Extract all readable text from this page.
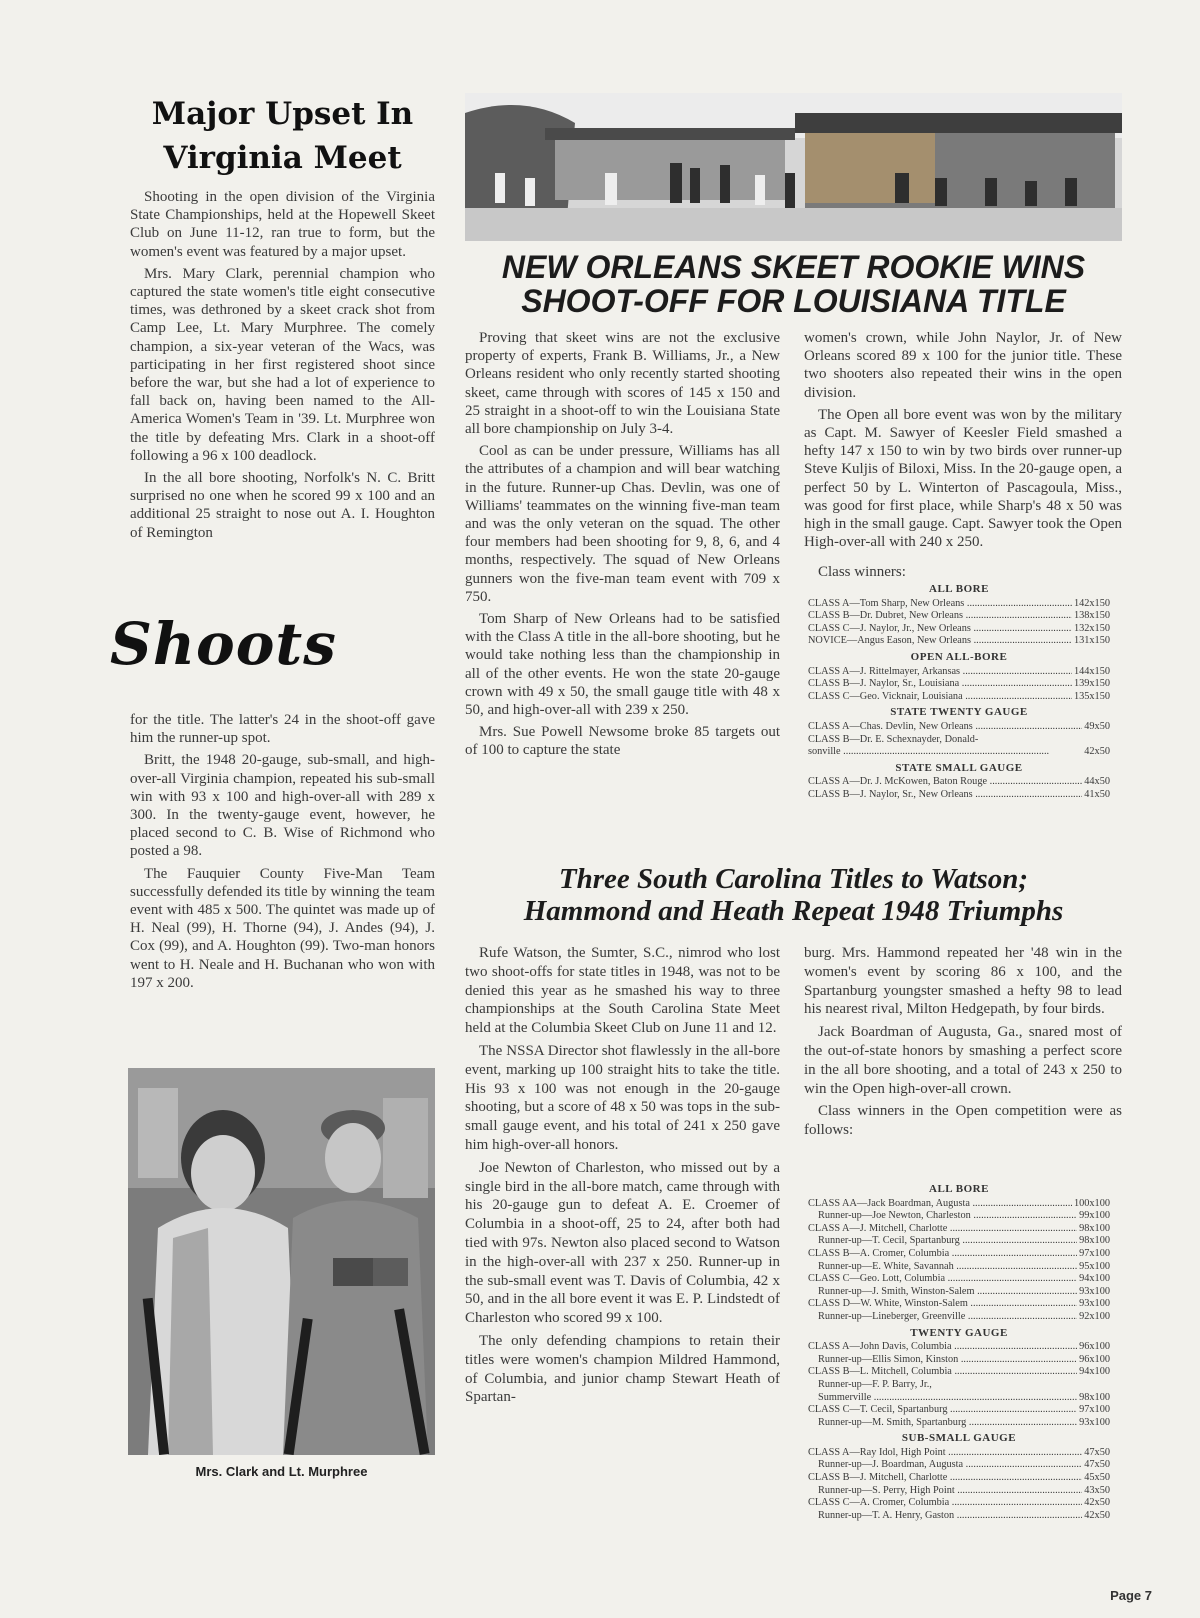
Major Upset In
Virginia Meet

Shooting in the open division of the Virginia State Championships, held at the Hopewell Skeet Club on June 11-12, ran true to form, but the women's event was featured by a major upset.

Mrs. Mary Clark, perennial champion who captured the state women's title eight consecutive times, was dethroned by a skeet crack shot from Camp Lee, Lt. Mary Murphree. The comely champion, a six-year veteran of the Wacs, was participating in her first registered shoot since before the war, but she had a lot of experience to fall back on, having been named to the All-America Women's Team in '39. Lt. Murphree won the title by defeating Mrs. Clark in a shoot-off following a 96 x 100 deadlock.

In the all bore shooting, Norfolk's N. C. Britt surprised no one when he scored 99 x 100 and an additional 25 straight to nose out A. I. Houghton of Remington

Shoots

for the title. The latter's 24 in the shoot-off gave him the runner-up spot.

Britt, the 1948 20-gauge, sub-small, and high-over-all Virginia champion, repeated his sub-small win with 93 x 100 and high-over-all with 289 x 300. In the twenty-gauge event, however, he placed second to C. B. Wise of Richmond who posted a 98.

The Fauquier County Five-Man Team successfully defended its title by winning the team event with 485 x 500. The quintet was made up of H. Neal (99), H. Thorne (94), J. Andes (94), J. Cox (99), and A. Houghton (99). Two-man honors went to H. Neale and H. Buchanan who won with 197 x 200.

Mrs. Clark and Lt. Murphree
NEW ORLEANS SKEET ROOKIE WINS
SHOOT-OFF FOR LOUISIANA TITLE

Proving that skeet wins are not the exclusive property of experts, Frank B. Williams, Jr., a New Orleans resident who only recently started shooting skeet, came through with scores of 145 x 150 and 25 straight in a shoot-off to win the Louisiana State all bore championship on July 3-4.

Cool as can be under pressure, Williams has all the attributes of a champion and will bear watching in the future. Runner-up Chas. Devlin, was one of Williams' teammates on the winning five-man team and was the only veteran on the squad. The other four members had been shooting for 9, 8, 6, and 4 months, respectively. The squad of New Orleans gunners won the five-man team event with 709 x 750.

Tom Sharp of New Orleans had to be satisfied with the Class A title in the all-bore shooting, but he would take nothing less than the championship in all of the other events. He won the state 20-gauge crown with 49 x 50, the small gauge title with 48 x 50, and high-over-all with 239 x 250.

Mrs. Sue Powell Newsome broke 85 targets out of 100 to capture the state

women's crown, while John Naylor, Jr. of New Orleans scored 89 x 100 for the junior title. These two shooters also repeated their wins in the open division.

The Open all bore event was won by the military as Capt. M. Sawyer of Keesler Field smashed a hefty 147 x 150 to win by two birds over runner-up Steve Kuljis of Biloxi, Miss. In the 20-gauge open, a perfect 50 by L. Winterton of Pascagoula, Miss., was good for first place, while Sharp's 48 x 50 was high in the small gauge. Capt. Sawyer took the Open High-over-all with 240 x 250.

Class winners:
ALL BORE
CLASS A—Tom Sharp, New Orleans .....	142x150
CLASS B—Dr. Dubret, New Orleans .....	138x150
CLASS C—J. Naylor, Jr., New Orleans .....	132x150
NOVICE—Angus Eason, New Orleans .....	131x150
OPEN ALL-BORE
CLASS A—J. Rittelmayer, Arkansas .....	144x150
CLASS B—J. Naylor, Sr., Louisiana .....	139x150
CLASS C—Geo. Vicknair, Louisiana .....	135x150
STATE TWENTY GAUGE
CLASS A—Chas. Devlin, New Orleans .....	49x50
CLASS B—Dr. E. Schexnayder, Donald-
sonville .....	42x50
STATE SMALL GAUGE
CLASS A—Dr. J. McKowen, Baton Rouge .....	44x50
CLASS B—J. Naylor, Sr., New Orleans .....	41x50
Three South Carolina Titles to Watson;
Hammond and Heath Repeat 1948 Triumphs

Rufe Watson, the Sumter, S.C., nimrod who lost two shoot-offs for state titles in 1948, was not to be denied this year as he smashed his way to three championships at the South Carolina State Meet held at the Columbia Skeet Club on June 11 and 12.

The NSSA Director shot flawlessly in the all-bore event, marking up 100 straight hits to take the title. His 93 x 100 was not enough in the 20-gauge shooting, but a score of 48 x 50 was tops in the sub-small gauge event, and his total of 241 x 250 gave him high-over-all honors.

Joe Newton of Charleston, who missed out by a single bird in the all-bore match, came through with his 20-gauge gun to defeat A. E. Croemer of Columbia in a shoot-off, 25 to 24, after both had tied with 97s. Newton also placed second to Watson in the high-over-all with 237 x 250. Runner-up in the sub-small event was T. Davis of Columbia, 42 x 50, and in the all bore event it was E. P. Lindstedt of Charleston who scored 99 x 100.

The only defending champions to retain their titles were women's champion Mildred Hammond, of Columbia, and junior champ Stewart Heath of Spartan-

burg. Mrs. Hammond repeated her '48 win in the women's event by scoring 86 x 100, and the Spartanburg youngster smashed a hefty 98 to lead his nearest rival, Milton Hedgepath, by four birds.

Jack Boardman of Augusta, Ga., snared most of the out-of-state honors by smashing a perfect score in the all bore shooting, and a total of 243 x 250 to win the Open high-over-all crown.

Class winners in the Open competition were as follows:

ALL BORE
CLASS AA—Jack Boardman, Augusta .....	100x100
Runner-up—Joe Newton, Charleston .....	99x100
CLASS A—J. Mitchell, Charlotte .....	98x100
Runner-up—T. Cecil, Spartanburg .....	98x100
CLASS B—A. Cromer, Columbia .....	97x100
Runner-up—E. White, Savannah .....	95x100
CLASS C—Geo. Lott, Columbia .....	94x100
Runner-up—J. Smith, Winston-Salem .....	93x100
CLASS D—W. White, Winston-Salem .....	93x100
Runner-up—Lineberger, Greenville .....	92x100
TWENTY GAUGE
CLASS A—John Davis, Columbia .....	96x100
Runner-up—Ellis Simon, Kinston .....	96x100
CLASS B—L. Mitchell, Columbia .....	94x100
Runner-up—F. P. Barry, Jr.,
Summerville .....	98x100
CLASS C—T. Cecil, Spartanburg .....	97x100
Runner-up—M. Smith, Spartanburg .....	93x100
SUB-SMALL GAUGE
CLASS A—Ray Idol, High Point .....	47x50
Runner-up—J. Boardman, Augusta .....	47x50
CLASS B—J. Mitchell, Charlotte .....	45x50
Runner-up—S. Perry, High Point .....	43x50
CLASS C—A. Cromer, Columbia .....	42x50
Runner-up—T. A. Henry, Gaston .....	42x50
Page 7
